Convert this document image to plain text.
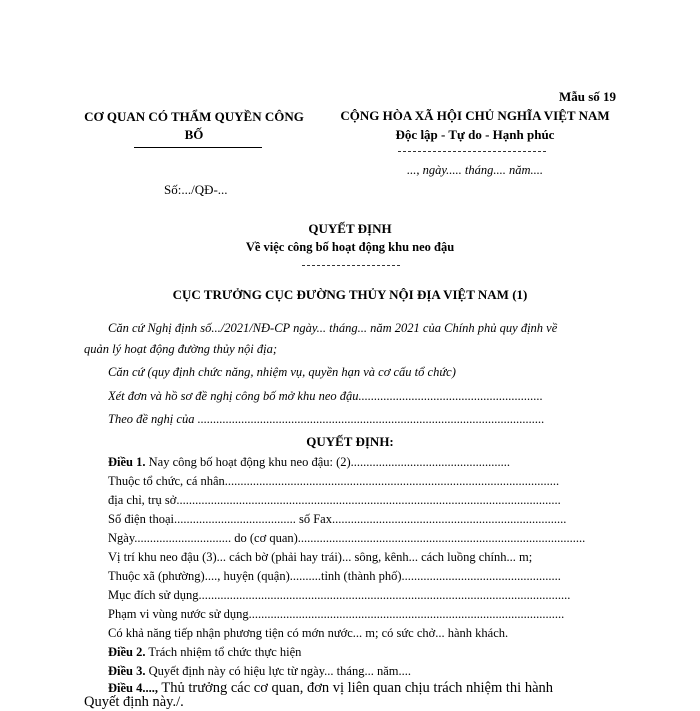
Mẫu số 19
CƠ QUAN CÓ THẨM QUYỀN CÔNG
BỐ
Số:.../QĐ-...
CỘNG HÒA XÃ HỘI CHỦ NGHĨA VIỆT NAM
Độc lập - Tự do - Hạnh phúc
..., ngày..... tháng.... năm....
QUYẾT ĐỊNH
Về việc công bố hoạt động khu neo đậu
CỤC TRƯỞNG CỤC ĐƯỜNG THỦY NỘI ĐỊA VIỆT NAM (1)
Căn cứ Nghị định số.../2021/NĐ-CP ngày... tháng... năm 2021 của Chính phủ quy định về
quản lý hoạt động đường thủy nội địa;
Căn cứ (quy định chức năng, nhiệm vụ, quyền hạn và cơ cấu tổ chức)
Xét đơn và hồ sơ đề nghị công bố mở khu neo đậu...........................................................
Theo đề nghị của ...............................................................................................................
QUYẾT ĐỊNH:
Điều 1. Nay công bố hoạt động khu neo đậu: (2)...................................................
Thuộc tổ chức, cá nhân...........................................................................................................
địa chỉ, trụ sở...........................................................................................................................
Số điện thoại....................................... số Fax...........................................................................
Ngày............................... do (cơ quan)............................................................................................
Vị trí khu neo đậu (3)... cách bờ (phải hay trái)... sông, kênh... cách luồng chính... m;
Thuộc xã (phường)...., huyện (quận)..........tỉnh (thành phố)...................................................
Mục đích sử dụng.......................................................................................................................
Phạm vi vùng nước sử dụng.....................................................................................................
Có khả năng tiếp nhận phương tiện có mớn nước... m; có sức chở... hành khách.
Điều 2. Trách nhiệm tổ chức thực hiện
Điều 3. Quyết định này có hiệu lực từ ngày... tháng... năm....
Điều 4...., Thủ trưởng các cơ quan, đơn vị liên quan chịu trách nhiệm thi hành
Quyết định này./.
